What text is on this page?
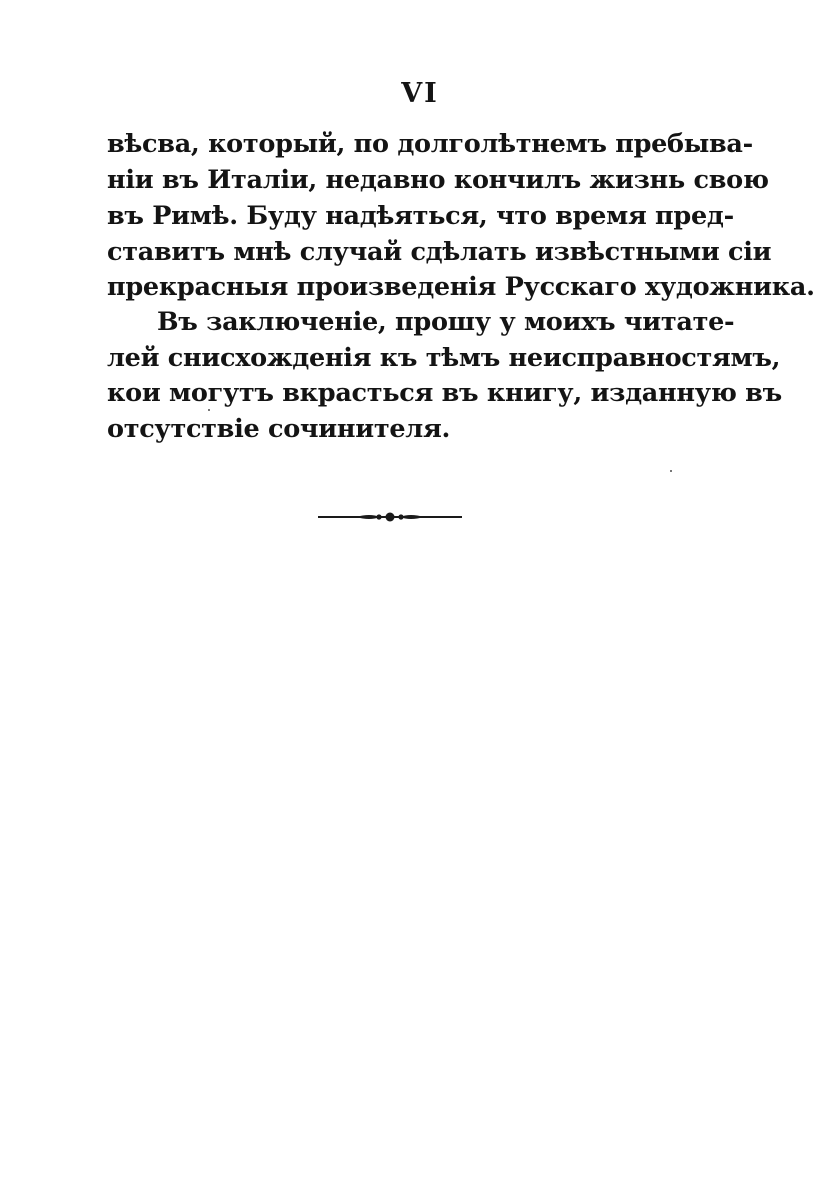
VI
вѣсва, который, по долголѣтнемъ пребыва-
ніи въ Италіи, недавно кончилъ жизнь свою
въ Римѣ. Буду надѣяться, что время пред-
ставитъ мнѣ случай сдѣлать извѣстными сіи
прекрасныя произведенія Русскаго художника.
Въ заключеніе, прошу у моихъ читате-
лей снисхожденія къ тѣмъ неисправностямъ,
кои могутъ вкрасться въ книгу, изданную въ
отсутствіе сочинителя.
